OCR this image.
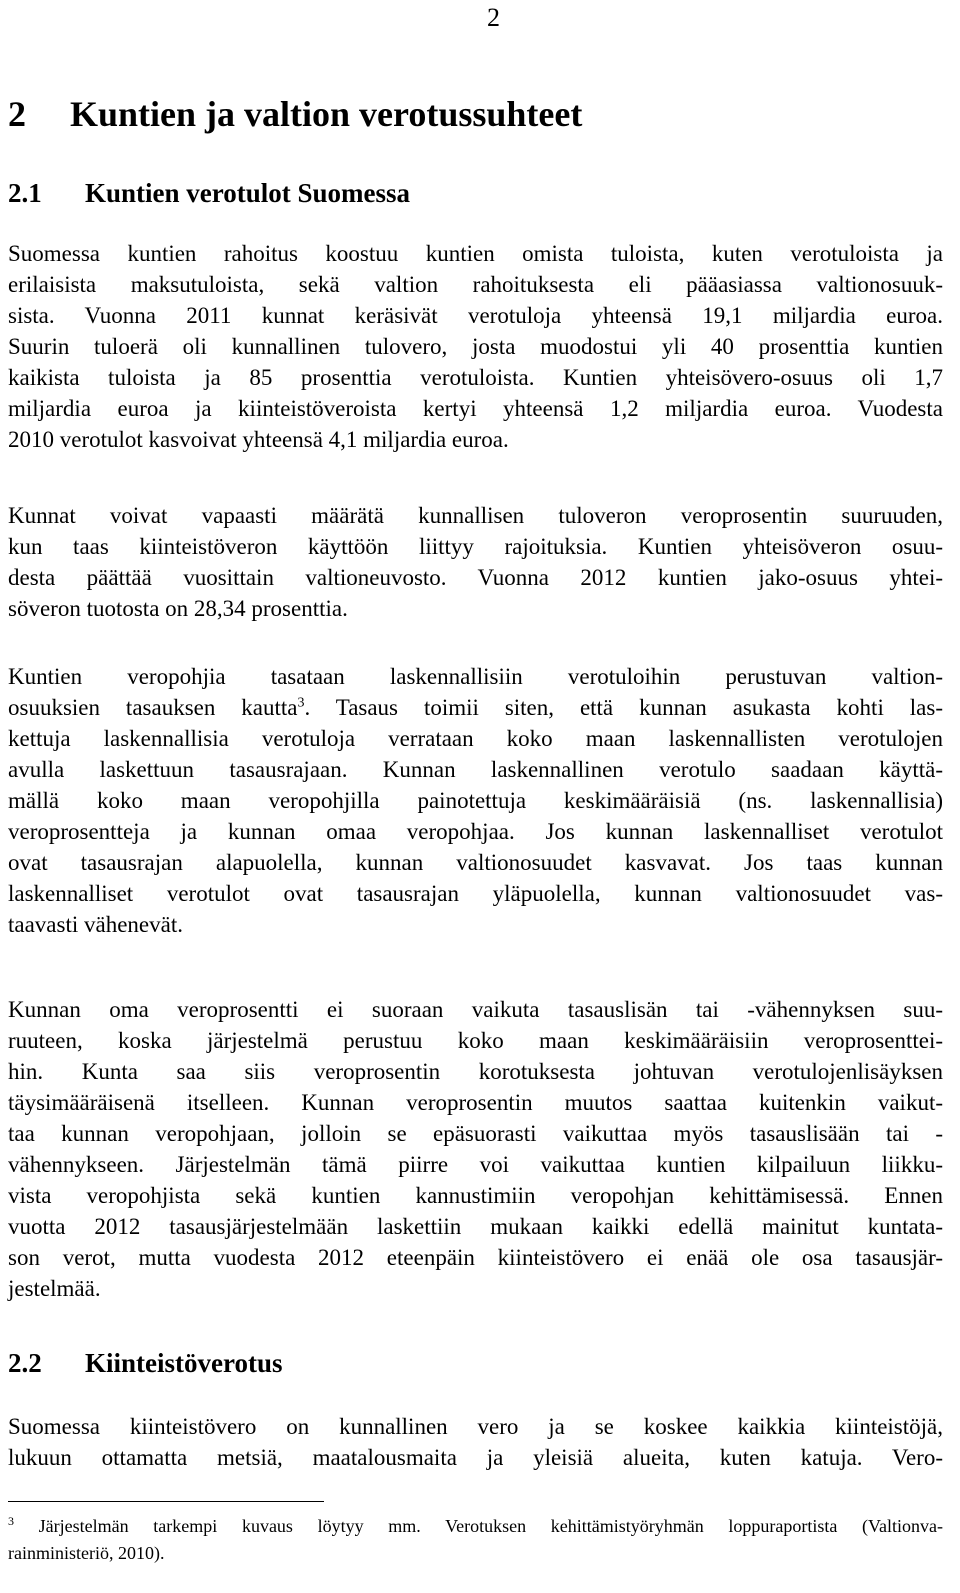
2
2 Kuntien ja valtion verotussuhteet
2.1 Kuntien verotulot Suomessa
Suomessa kuntien rahoitus koostuu kuntien omista tuloista, kuten verotuloista ja
erilaisista maksutuloista, sekä valtion rahoituksesta eli pääasiassa valtionosuuk-
sista. Vuonna 2011 kunnat keräsivät verotuloja yhteensä 19,1 miljardia euroa.
Suurin tuloerä oli kunnallinen tulovero, josta muodostui yli 40 prosenttia kuntien
kaikista tuloista ja 85 prosenttia verotuloista. Kuntien yhteisövero-osuus oli 1,7
miljardia euroa ja kiinteistöveroista kertyi yhteensä 1,2 miljardia euroa. Vuodesta
2010 verotulot kasvoivat yhteensä 4,1 miljardia euroa.
Kunnat voivat vapaasti määrätä kunnallisen tuloveron veroprosentin suuruuden,
kun taas kiinteistöveron käyttöön liittyy rajoituksia. Kuntien yhteisöveron osuu-
desta päättää vuosittain valtioneuvosto. Vuonna 2012 kuntien jako-osuus yhtei-
söveron tuotosta on 28,34 prosenttia.
Kuntien veropohjia tasataan laskennallisiin verotuloihin perustuvan valtion-
osuuksien tasauksen kautta$^3$. Tasaus toimii siten, että kunnan asukasta kohti las-
kettuja laskennallisia verotuloja verrataan koko maan laskennallisten verotulojen
avulla laskettuun tasausrajaan. Kunnan laskennallinen verotulo saadaan käyttä-
mällä koko maan veropohjilla painotettuja keskimääräisiä (ns. laskennallisia)
veroprosentteja ja kunnan omaa veropohjaa. Jos kunnan laskennalliset verotulot
ovat tasausrajan alapuolella, kunnan valtionosuudet kasvavat. Jos taas kunnan
laskennalliset verotulot ovat tasausrajan yläpuolella, kunnan valtionosuudet vas-
taavasti vähenevät.
Kunnan oma veroprosentti ei suoraan vaikuta tasauslisän tai -vähennyksen suu-
ruuteen, koska järjestelmä perustuu koko maan keskimääräisiin veroprosenttei-
hin. Kunta saa siis veroprosentin korotuksesta johtuvan verotulojenlisäyksen
täysimääräisenä itselleen. Kunnan veroprosentin muutos saattaa kuitenkin vaikut-
taa kunnan veropohjaan, jolloin se epäsuorasti vaikuttaa myös tasauslisään tai -
vähennykseen. Järjestelmän tämä piirre voi vaikuttaa kuntien kilpailuun liikku-
vista veropohjista sekä kuntien kannustimiin veropohjan kehittämisessä. Ennen
vuotta 2012 tasausjärjestelmään laskettiin mukaan kaikki edellä mainitut kuntata-
son verot, mutta vuodesta 2012 eteenpäin kiinteistövero ei enää ole osa tasausjär-
jestelmää.
2.2 Kiinteistöverotus
Suomessa kiinteistövero on kunnallinen vero ja se koskee kaikkia kiinteistöjä,
lukuun ottamatta metsiä, maatalousmaita ja yleisiä alueita, kuten katuja. Vero-
$^3$ Järjestelmän tarkempi kuvaus löytyy mm. Verotuksen kehittämistyöryhmän loppuraportista (Valtionva-
rainministeriö, 2010).
